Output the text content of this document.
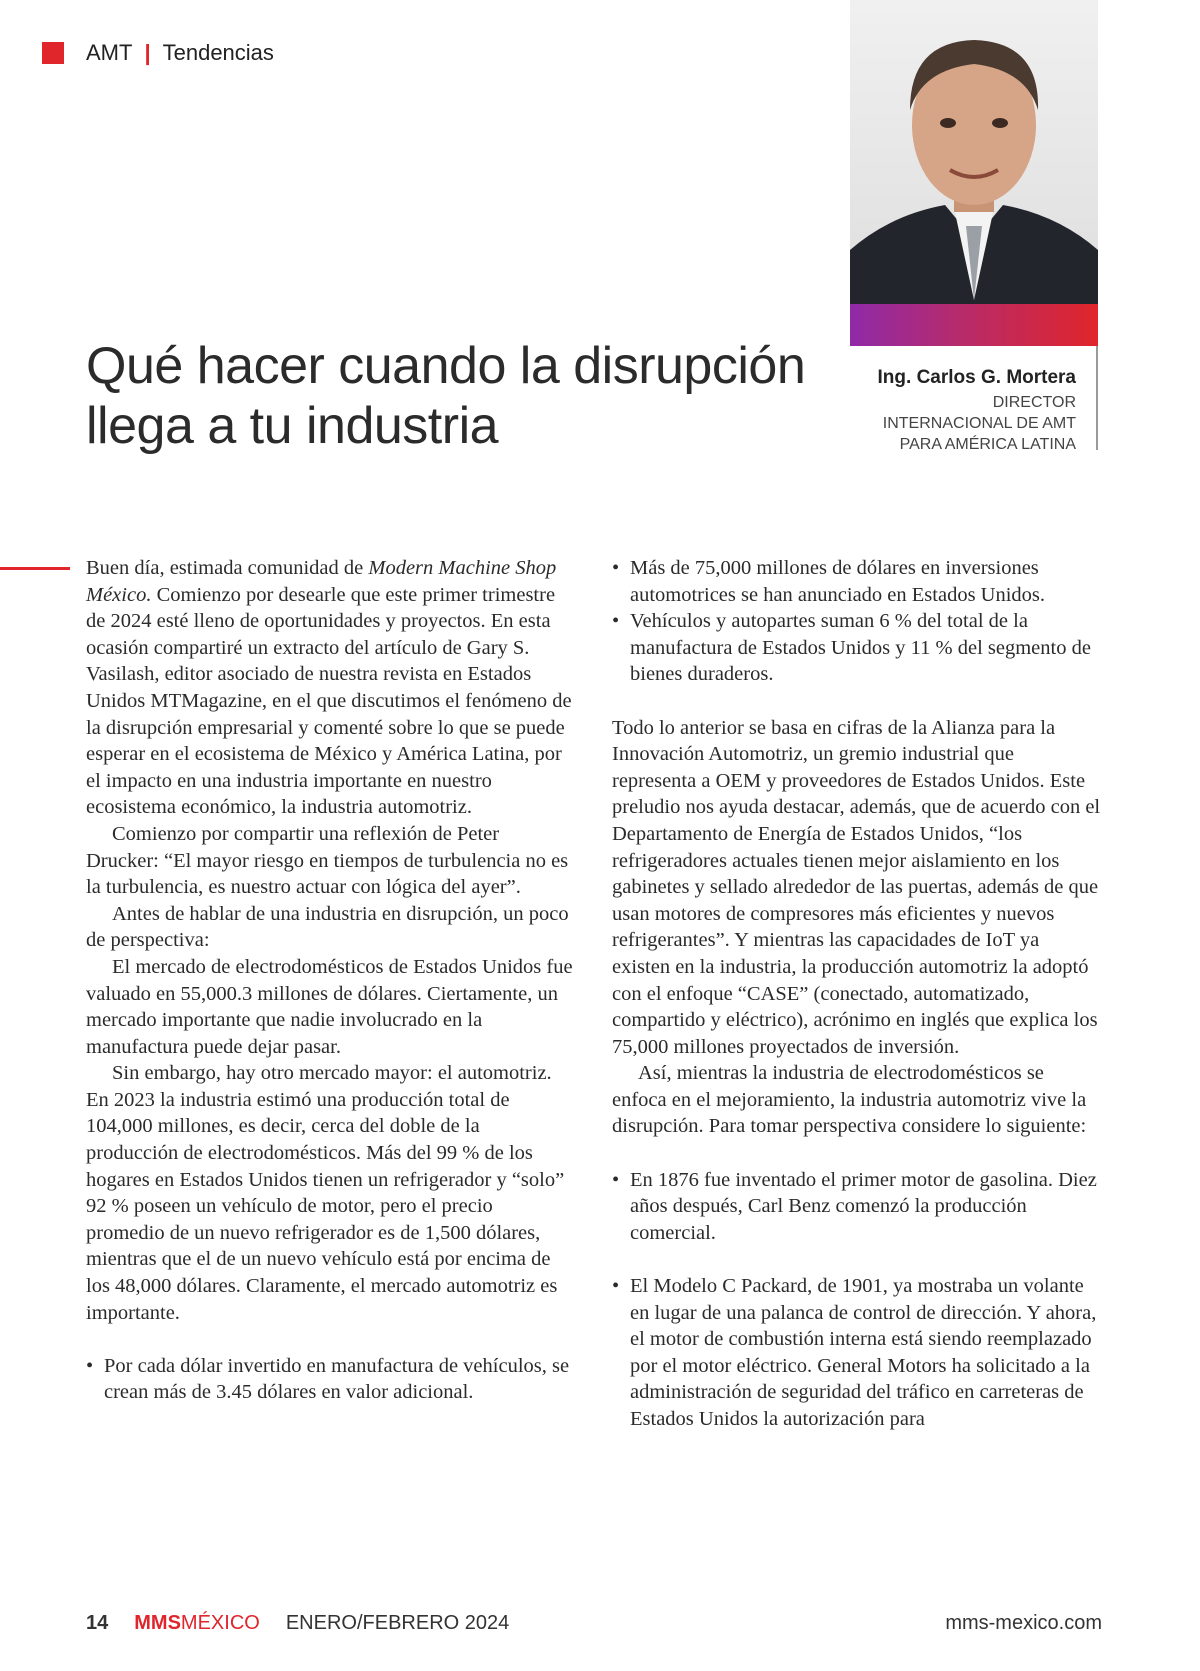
AMT | Tendencias
Ing. Carlos G. Mortera
DIRECTOR
INTERNACIONAL DE AMT
PARA AMÉRICA LATINA
Qué hacer cuando la disrupción
llega a tu industria

Buen día, estimada comunidad de Modern Machine Shop México. Comienzo por desearle que este primer trimestre de 2024 esté lleno de oportunidades y proyectos. En esta ocasión compartiré un extracto del artículo de Gary S. Vasilash, editor asociado de nuestra revista en Estados Unidos MTMagazine, en el que discutimos el fenómeno de la disrupción empresarial y comenté sobre lo que se puede esperar en el ecosistema de México y América Latina, por el impacto en una industria importante en nuestro ecosistema económico, la industria automotriz.

Comienzo por compartir una reflexión de Peter Drucker: “El mayor riesgo en tiempos de turbulencia no es la turbulencia, es nuestro actuar con lógica del ayer”.

Antes de hablar de una industria en disrupción, un poco de perspectiva:

El mercado de electrodomésticos de Estados Unidos fue valuado en 55,000.3 millones de dólares. Ciertamente, un mercado importante que nadie involucrado en la manufactura puede dejar pasar.

Sin embargo, hay otro mercado mayor: el automotriz. En 2023 la industria estimó una producción total de 104,000 millones, es decir, cerca del doble de la producción de electrodomésticos. Más del 99 % de los hogares en Estados Unidos tienen un refrigerador y “solo” 92 % poseen un vehículo de motor, pero el precio promedio de un nuevo refrigerador es de 1,500 dólares, mientras que el de un nuevo vehículo está por encima de los 48,000 dólares. Claramente, el mercado automotriz es importante.

• Por cada dólar invertido en manufactura de vehículos, se crean más de 3.45 dólares en valor adicional.

• Más de 75,000 millones de dólares en inversiones automotrices se han anunciado en Estados Unidos.

• Vehículos y autopartes suman 6 % del total de la manufactura de Estados Unidos y 11 % del segmento de bienes duraderos.

Todo lo anterior se basa en cifras de la Alianza para la Innovación Automotriz, un gremio industrial que representa a OEM y proveedores de Estados Unidos. Este preludio nos ayuda destacar, además, que de acuerdo con el Departamento de Energía de Estados Unidos, “los refrigeradores actuales tienen mejor aislamiento en los gabinetes y sellado alrededor de las puertas, además de que usan motores de compresores más eficientes y nuevos refrigerantes”. Y mientras las capacidades de IoT ya existen en la industria, la producción automotriz la adoptó con el enfoque “CASE” (conectado, automatizado, compartido y eléctrico), acrónimo en inglés que explica los 75,000 millones proyectados de inversión.

Así, mientras la industria de electrodomésticos se enfoca en el mejoramiento, la industria automotriz vive la disrupción. Para tomar perspectiva considere lo siguiente:

• En 1876 fue inventado el primer motor de gasolina. Diez años después, Carl Benz comenzó la producción comercial.

• El Modelo C Packard, de 1901, ya mostraba un volante en lugar de una palanca de control de dirección. Y ahora, el motor de combustión interna está siendo reemplazado por el motor eléctrico. General Motors ha solicitado a la administración de seguridad del tráfico en carreteras de Estados Unidos la autorización para

14 MMS MÉXICO ENERO/FEBRERO 2024	mms-mexico.com
